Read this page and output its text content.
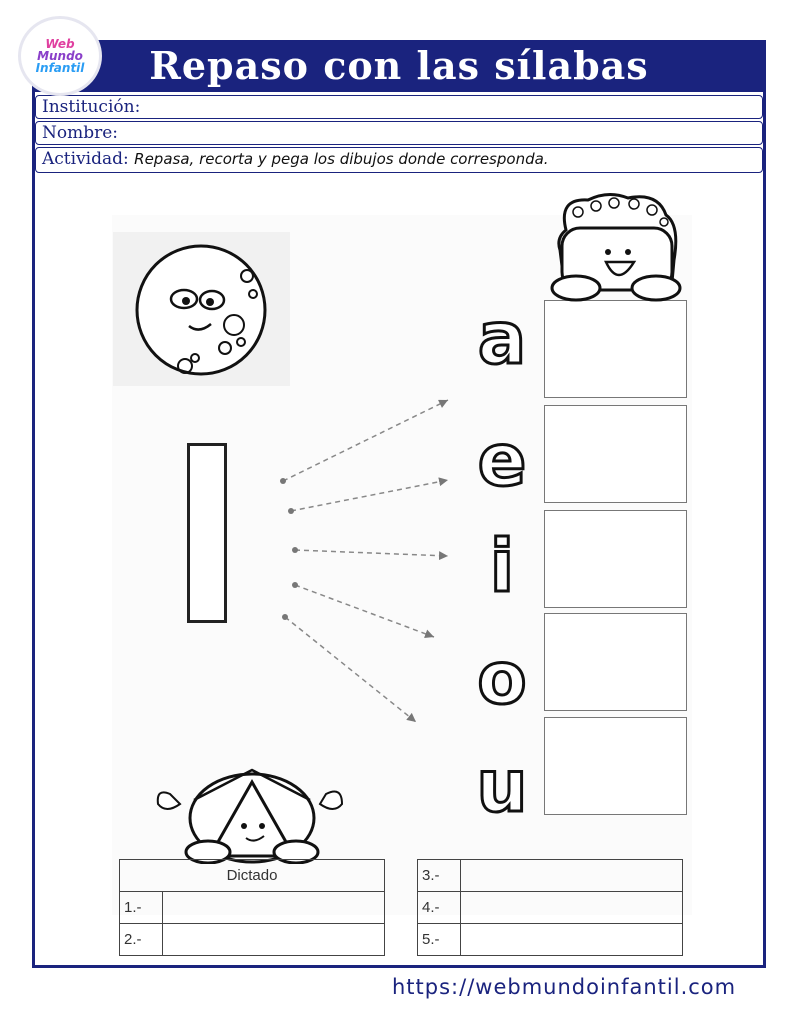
Repaso con las sílabas
Web
Mundo
Infantil
Institución:
Nombre:
Actividad: Repasa, recorta y pega los dibujos donde corresponda.
a
e
i
o
u
Dictado	
1.-	
2.-	
3.-	
4.-	
5.-	
https://webmundoinfantil.com
